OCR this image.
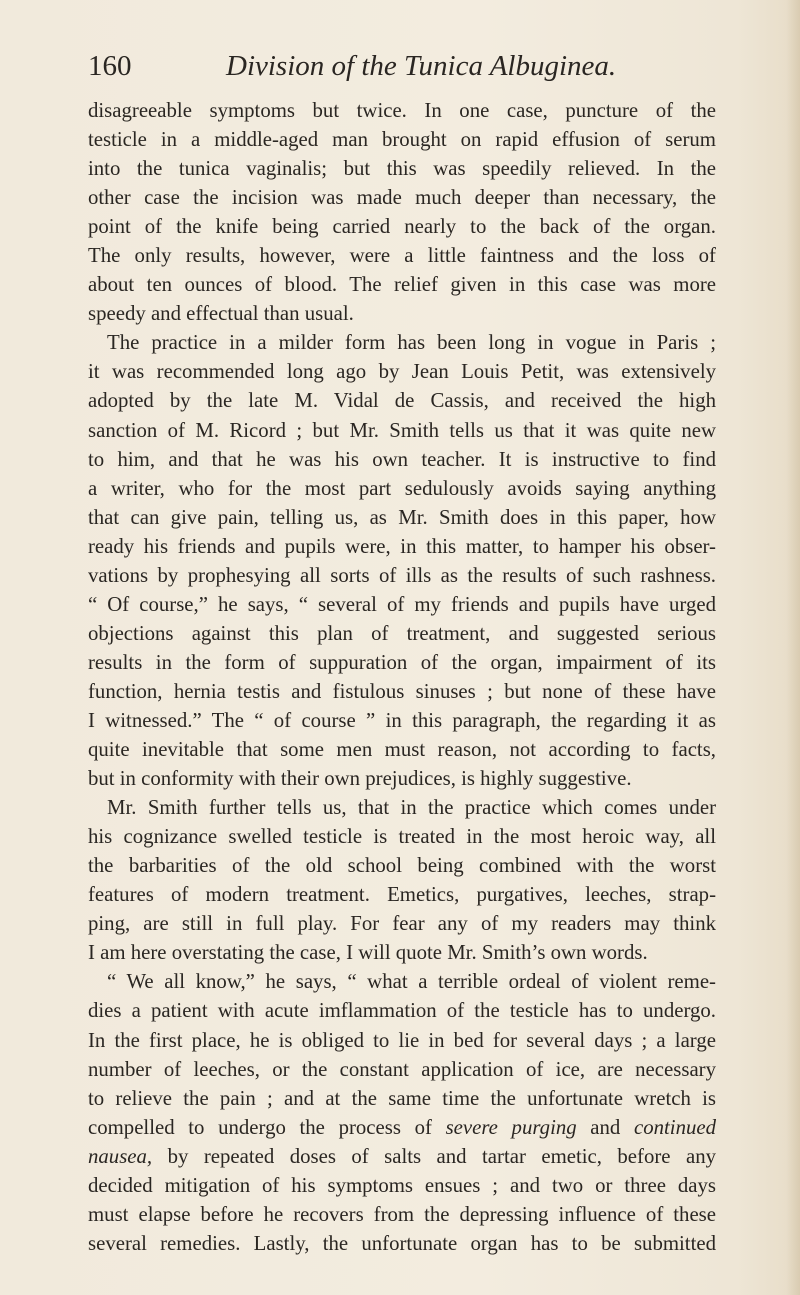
160	Division of the Tunica Albuginea.
disagreeable symptoms but twice. In one case, puncture of the
testicle in a middle-aged man brought on rapid effusion of serum
into the tunica vaginalis; but this was speedily relieved. In the
other case the incision was made much deeper than necessary, the
point of the knife being carried nearly to the back of the organ.
The only results, however, were a little faintness and the loss of
about ten ounces of blood. The relief given in this case was more
speedy and effectual than usual.
The practice in a milder form has been long in vogue in Paris ;
it was recommended long ago by Jean Louis Petit, was extensively
adopted by the late M. Vidal de Cassis, and received the high
sanction of M. Ricord ; but Mr. Smith tells us that it was quite new
to him, and that he was his own teacher. It is instructive to find
a writer, who for the most part sedulously avoids saying anything
that can give pain, telling us, as Mr. Smith does in this paper, how
ready his friends and pupils were, in this matter, to hamper his obser-
vations by prophesying all sorts of ills as the results of such rashness.
“ Of course,” he says, “ several of my friends and pupils have urged
objections against this plan of treatment, and suggested serious
results in the form of suppuration of the organ, impairment of its
function, hernia testis and fistulous sinuses ; but none of these have
I witnessed.” The “ of course ” in this paragraph, the regarding it as
quite inevitable that some men must reason, not according to facts,
but in conformity with their own prejudices, is highly suggestive.
Mr. Smith further tells us, that in the practice which comes under
his cognizance swelled testicle is treated in the most heroic way, all
the barbarities of the old school being combined with the worst
features of modern treatment. Emetics, purgatives, leeches, strap-
ping, are still in full play. For fear any of my readers may think
I am here overstating the case, I will quote Mr. Smith’s own words.
“ We all know,” he says, “ what a terrible ordeal of violent reme-
dies a patient with acute imflammation of the testicle has to undergo.
In the first place, he is obliged to lie in bed for several days ; a large
number of leeches, or the constant application of ice, are necessary
to relieve the pain ; and at the same time the unfortunate wretch is
compelled to undergo the process of severe purging and continued
nausea, by repeated doses of salts and tartar emetic, before any
decided mitigation of his symptoms ensues ; and two or three days
must elapse before he recovers from the depressing influence of these
several remedies. Lastly, the unfortunate organ has to be submitted
